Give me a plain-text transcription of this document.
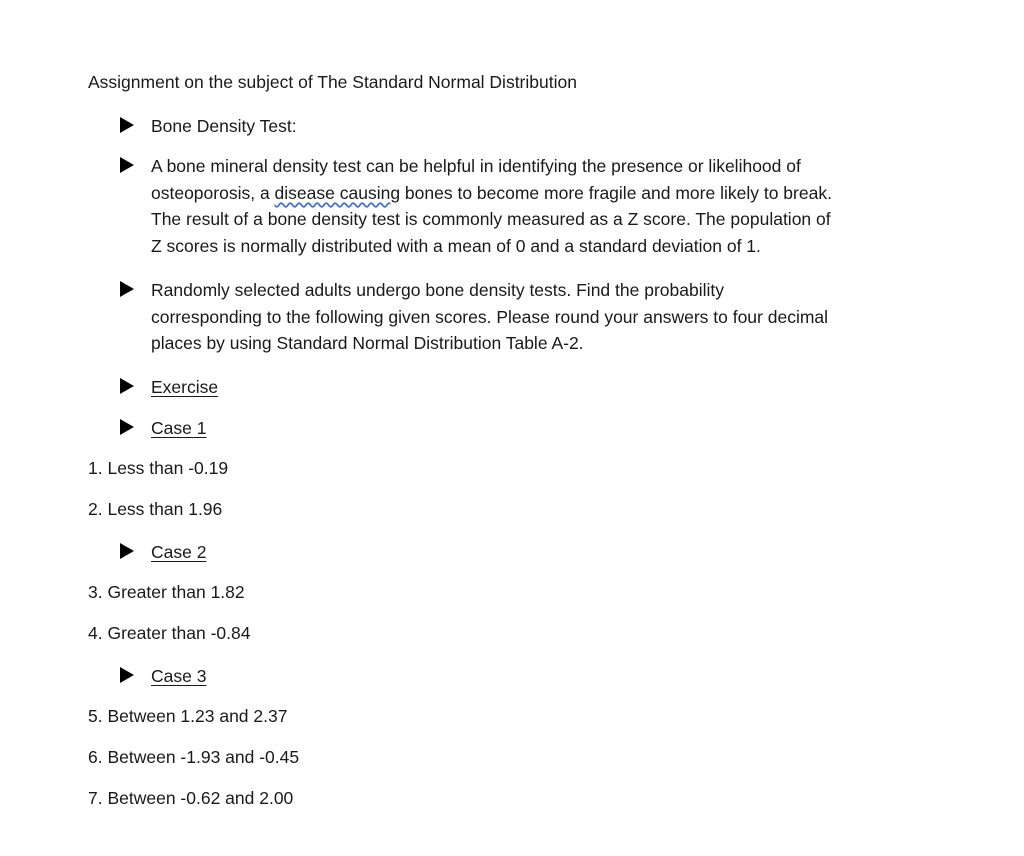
Assignment on the subject of The Standard Normal Distribution
Bone Density Test:
A bone mineral density test can be helpful in identifying the presence or likelihood of
osteoporosis, a disease causing bones to become more fragile and more likely to break.
The result of a bone density test is commonly measured as a Z score. The population of
Z scores is normally distributed with a mean of 0 and a standard deviation of 1.
Randomly selected adults undergo bone density tests. Find the probability
corresponding to the following given scores. Please round your answers to four decimal
places by using Standard Normal Distribution Table A-2.
Exercise
Case 1
1. Less than -0.19
2. Less than 1.96
Case 2
3. Greater than 1.82
4. Greater than -0.84
Case 3
5. Between 1.23 and 2.37
6. Between -1.93 and -0.45
7. Between -0.62 and 2.00
